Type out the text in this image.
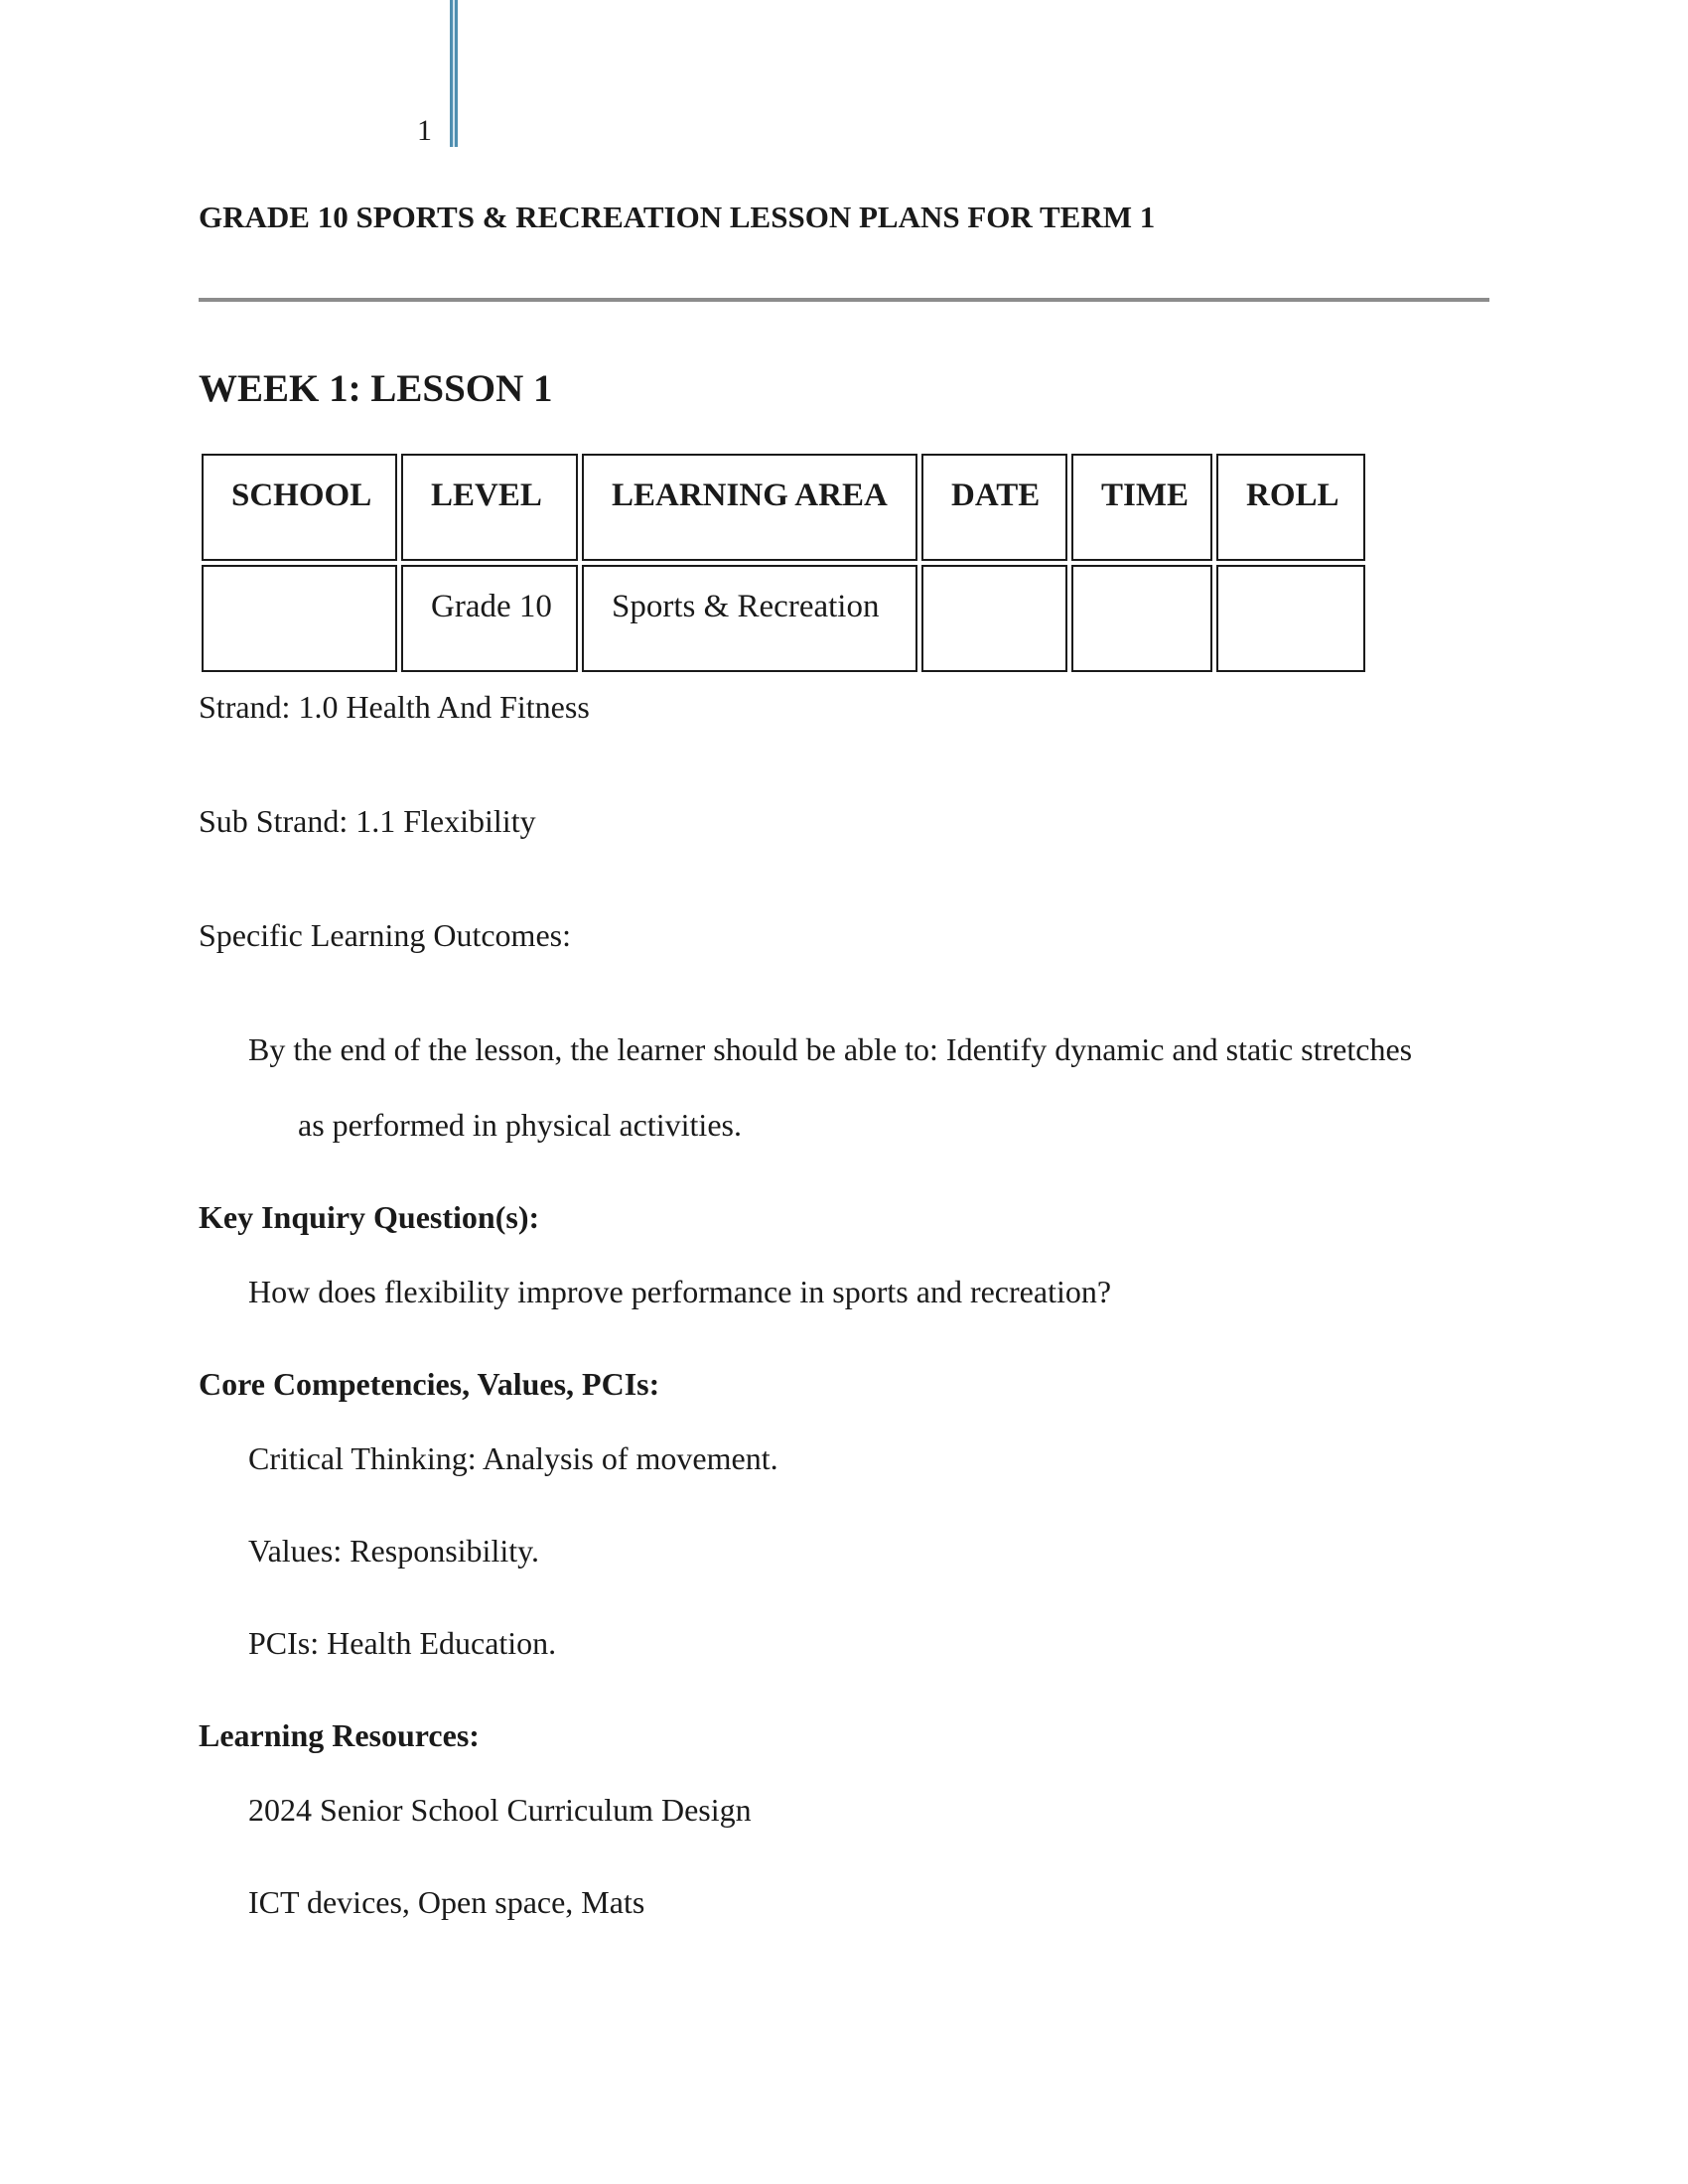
1
GRADE 10 SPORTS & RECREATION LESSON PLANS FOR TERM 1
WEEK 1: LESSON 1
SCHOOL	LEVEL	LEARNING AREA	DATE	TIME	ROLL
	Grade 10	Sports & Recreation			
Strand: 1.0 Health And Fitness
Sub Strand: 1.1 Flexibility
Specific Learning Outcomes:
By the end of the lesson, the learner should be able to: Identify dynamic and static stretches
as performed in physical activities.
Key Inquiry Question(s):
How does flexibility improve performance in sports and recreation?
Core Competencies, Values, PCIs:
Critical Thinking: Analysis of movement.
Values: Responsibility.
PCIs: Health Education.
Learning Resources:
2024 Senior School Curriculum Design
ICT devices, Open space, Mats
